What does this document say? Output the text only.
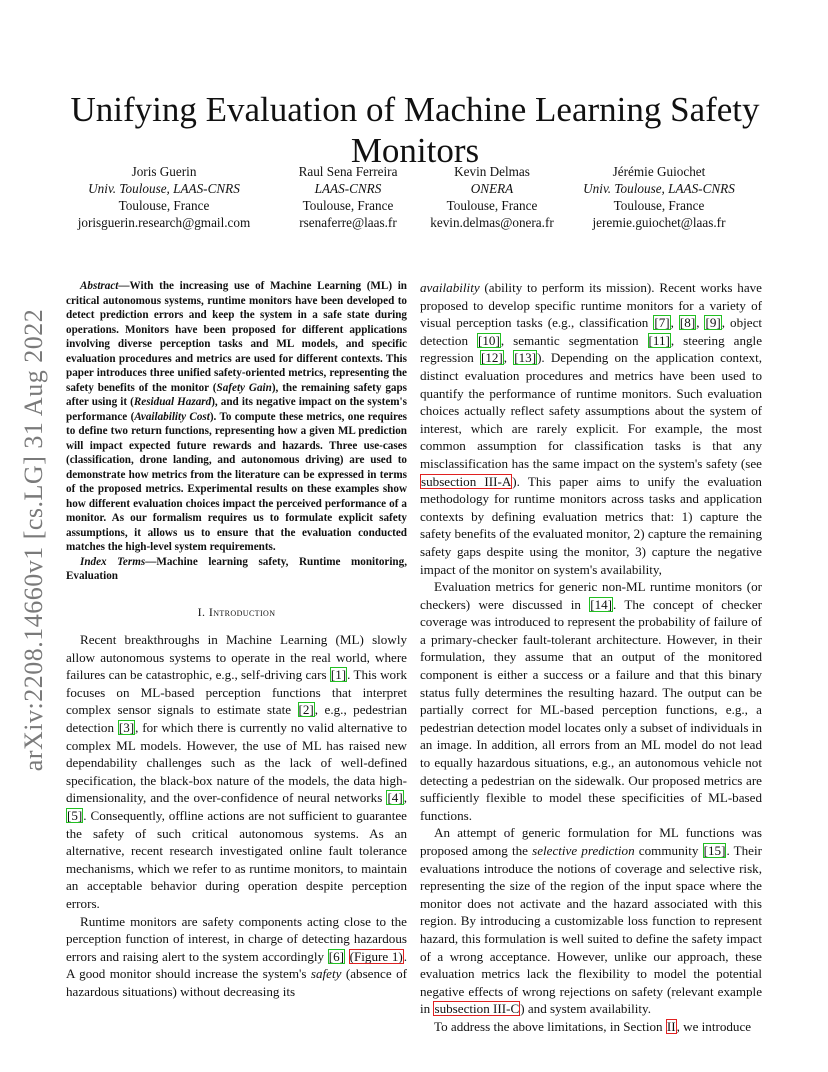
arXiv:2208.14660v1 [cs.LG] 31 Aug 2022
Unifying Evaluation of Machine Learning Safety Monitors
Joris Guerin
Univ. Toulouse, LAAS-CNRS
Toulouse, France
jorisguerin.research@gmail.com
Raul Sena Ferreira
LAAS-CNRS
Toulouse, France
rsenaferre@laas.fr
Kevin Delmas
ONERA
Toulouse, France
kevin.delmas@onera.fr
Jérémie Guiochet
Univ. Toulouse, LAAS-CNRS
Toulouse, France
jeremie.guiochet@laas.fr

Abstract—With the increasing use of Machine Learning (ML) in critical autonomous systems, runtime monitors have been developed to detect prediction errors and keep the system in a safe state during operations. Monitors have been proposed for different applications involving diverse perception tasks and ML models, and specific evaluation procedures and metrics are used for different contexts. This paper introduces three unified safety-oriented metrics, representing the safety benefits of the monitor (Safety Gain), the remaining safety gaps after using it (Residual Hazard), and its negative impact on the system's performance (Availability Cost). To compute these metrics, one requires to define two return functions, representing how a given ML prediction will impact expected future rewards and hazards. Three use-cases (classification, drone landing, and autonomous driving) are used to demonstrate how metrics from the literature can be expressed in terms of the proposed metrics. Experimental results on these examples show how different evaluation choices impact the perceived performance of a monitor. As our formalism requires us to formulate explicit safety assumptions, it allows us to ensure that the evaluation conducted matches the high-level system requirements.

Index Terms—Machine learning safety, Runtime monitoring, Evaluation

I. Introduction

Recent breakthroughs in Machine Learning (ML) slowly allow autonomous systems to operate in the real world, where failures can be catastrophic, e.g., self-driving cars [1]. This work focuses on ML-based perception functions that interpret complex sensor signals to estimate state [2], e.g., pedestrian detection [3], for which there is currently no valid alternative to complex ML models. However, the use of ML has raised new dependability challenges such as the lack of well-defined specification, the black-box nature of the models, the data high-dimensionality, and the over-confidence of neural networks [4], [5]. Consequently, offline actions are not sufficient to guarantee the safety of such critical autonomous systems. As an alternative, recent research investigated online fault tolerance mechanisms, which we refer to as runtime monitors, to maintain an acceptable behavior during operation despite perception errors.

Runtime monitors are safety components acting close to the perception function of interest, in charge of detecting hazardous errors and raising alert to the system accordingly [6] (Figure 1). A good monitor should increase the system's safety (absence of hazardous situations) without decreasing its

availability (ability to perform its mission). Recent works have proposed to develop specific runtime monitors for a variety of visual perception tasks (e.g., classification [7], [8], [9], object detection [10], semantic segmentation [11], steering angle regression [12], [13]). Depending on the application context, distinct evaluation procedures and metrics have been used to quantify the performance of runtime monitors. Such evaluation choices actually reflect safety assumptions about the system of interest, which are rarely explicit. For example, the most common assumption for classification tasks is that any misclassification has the same impact on the system's safety (see subsection III-A). This paper aims to unify the evaluation methodology for runtime monitors across tasks and application contexts by defining evaluation metrics that: 1) capture the safety benefits of the evaluated monitor, 2) capture the remaining safety gaps despite using the monitor, 3) capture the negative impact of the monitor on system's availability,

Evaluation metrics for generic non-ML runtime monitors (or checkers) were discussed in [14]. The concept of checker coverage was introduced to represent the probability of failure of a primary-checker fault-tolerant architecture. However, in their formulation, they assume that an output of the monitored component is either a success or a failure and that this binary status fully determines the resulting hazard. The output can be partially correct for ML-based perception functions, e.g., a pedestrian detection model locates only a subset of individuals in an image. In addition, all errors from an ML model do not lead to equally hazardous situations, e.g., an autonomous vehicle not detecting a pedestrian on the sidewalk. Our proposed metrics are sufficiently flexible to model these specificities of ML-based functions.

An attempt of generic formulation for ML functions was proposed among the selective prediction community [15]. Their evaluations introduce the notions of coverage and selective risk, representing the size of the region of the input space where the monitor does not activate and the hazard associated with this region. By introducing a customizable loss function to represent hazard, this formulation is well suited to define the safety impact of a wrong acceptance. However, unlike our approach, these evaluation metrics lack the flexibility to model the potential negative effects of wrong rejections on safety (relevant example in subsection III-C) and system availability.

To address the above limitations, in Section II, we introduce
